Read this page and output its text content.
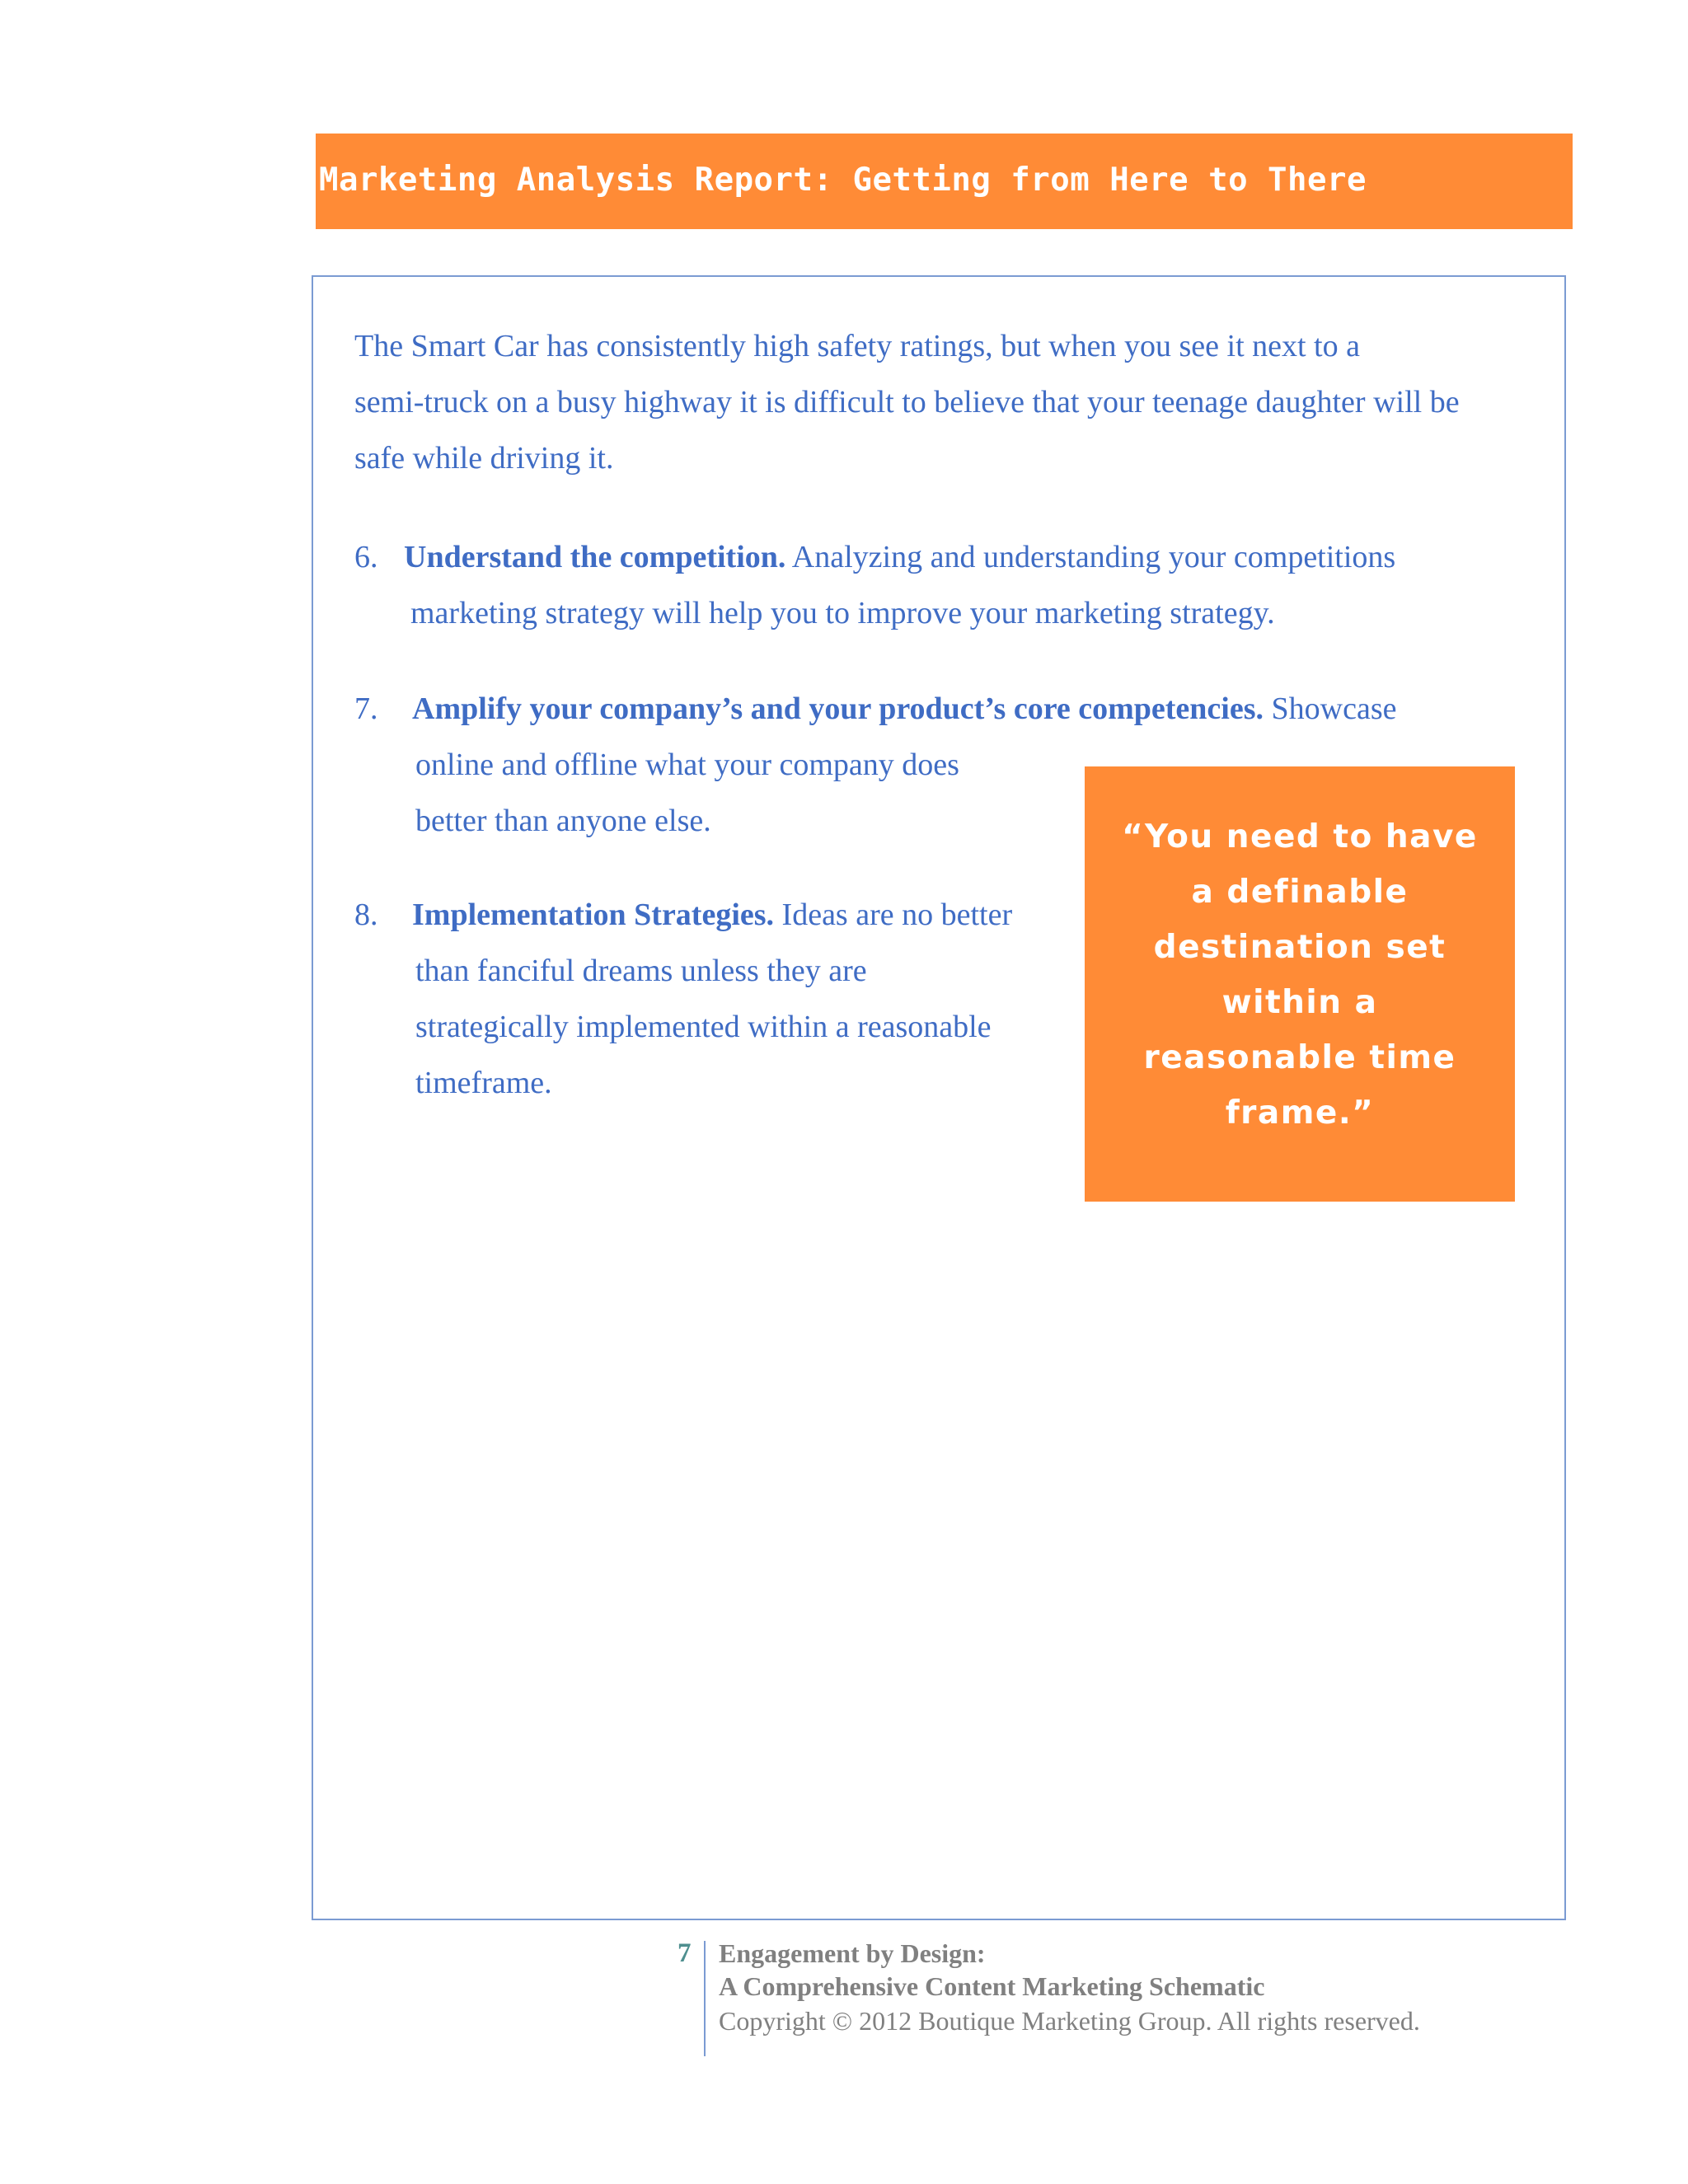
Marketing Analysis Report: Getting from Here to There
The Smart Car has consistently high safety ratings, but when you see it next to a
semi-truck on a busy highway it is difficult to believe that your teenage daughter will be
safe while driving it.
6. Understand the competition. Analyzing and understanding your competitions
marketing strategy will help you to improve your marketing strategy.
7. Amplify your company’s and your product’s core competencies. Showcase
online and offline what your company does
better than anyone else.
8. Implementation Strategies. Ideas are no better
than fanciful dreams unless they are
strategically implemented within a reasonable
timeframe.
“You need to have a definable destination set within a reasonable time frame.”
7 Engagement by Design:
A Comprehensive Content Marketing Schematic
Copyright © 2012 Boutique Marketing Group. All rights reserved.
